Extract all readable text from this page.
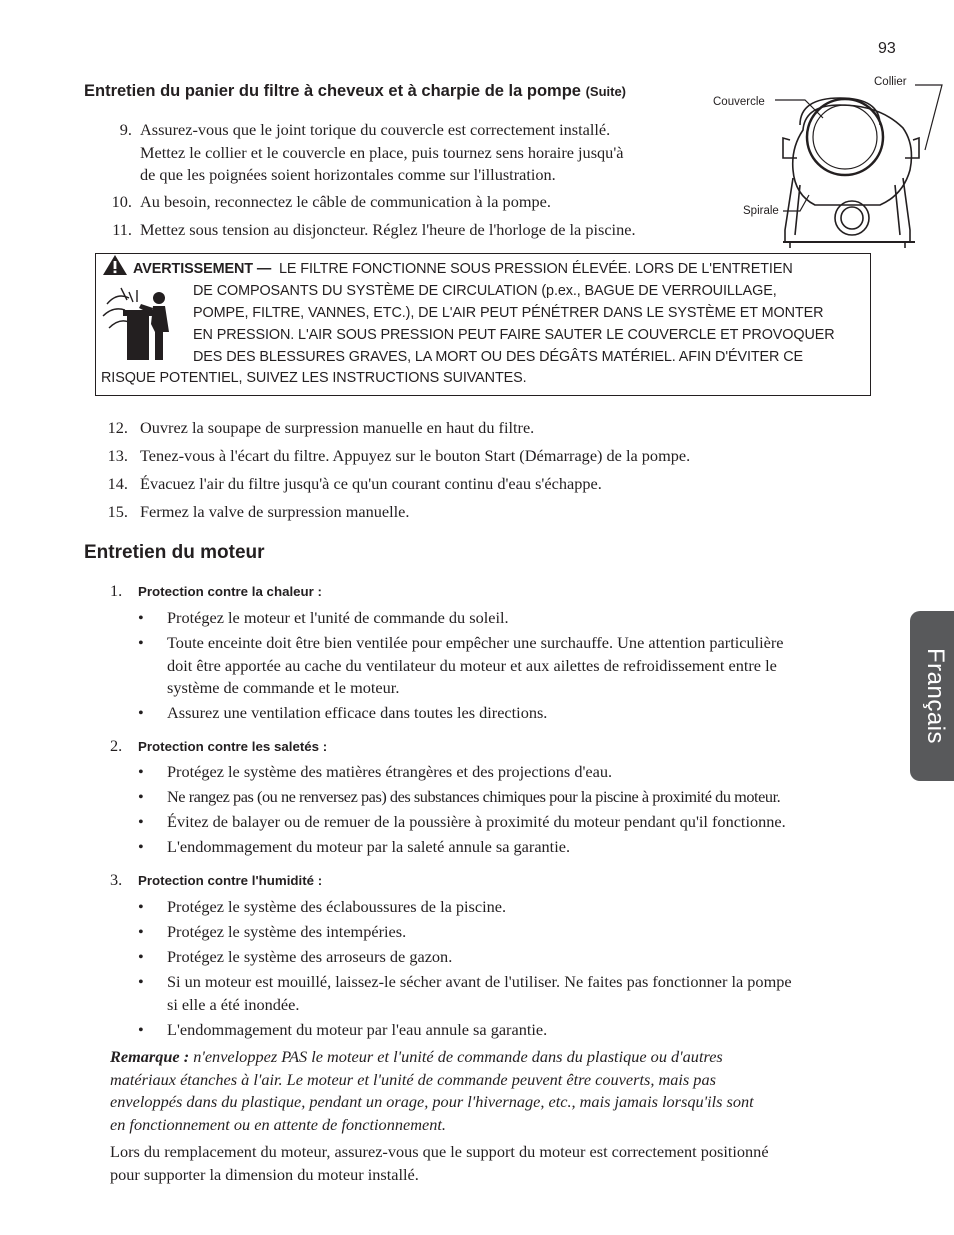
93
Entretien du panier du filtre à cheveux et à charpie de la pompe (Suite)
9. Assurez-vous que le joint torique du couvercle est correctement installé.
Mettez le collier et le couvercle en place, puis tournez sens horaire jusqu'à
de que les poignées soient horizontales comme sur l'illustration.
10. Au besoin, reconnectez le câble de communication à la pompe.
11. Mettez sous tension au disjoncteur. Réglez l'heure de l'horloge de la piscine.
Collier
Couvercle
Spirale
AVERTISSEMENT — LE FILTRE FONCTIONNE SOUS PRESSION ÉLEVÉE. LORS DE L'ENTRETIEN
DE COMPOSANTS DU SYSTÈME DE CIRCULATION (p.ex., BAGUE DE VERROUILLAGE,
POMPE, FILTRE, VANNES, ETC.), DE L'AIR PEUT PÉNÉTRER DANS LE SYSTÈME ET MONTER
EN PRESSION. L'AIR SOUS PRESSION PEUT FAIRE SAUTER LE COUVERCLE ET PROVOQUER
DES DES BLESSURES GRAVES, LA MORT OU DES DÉGÂTS MATÉRIEL. AFIN D'ÉVITER CE
RISQUE POTENTIEL, SUIVEZ LES INSTRUCTIONS SUIVANTES.
12. Ouvrez la soupape de surpression manuelle en haut du filtre.
13. Tenez-vous à l'écart du filtre. Appuyez sur le bouton Start (Démarrage) de la pompe.
14. Évacuez l'air du filtre jusqu'à ce qu'un courant continu d'eau s'échappe.
15. Fermez la valve de surpression manuelle.
Entretien du moteur
1. Protection contre la chaleur :
• Protégez le moteur et l'unité de commande du soleil.
• Toute enceinte doit être bien ventilée pour empêcher une surchauffe. Une attention particulière
doit être apportée au cache du ventilateur du moteur et aux ailettes de refroidissement entre le
système de commande et le moteur.
• Assurez une ventilation efficace dans toutes les directions.
2. Protection contre les saletés :
• Protégez le système des matières étrangères et des projections d'eau.
• Ne rangez pas (ou ne renversez pas) des substances chimiques pour la piscine à proximité du moteur.
• Évitez de balayer ou de remuer de la poussière à proximité du moteur pendant qu'il fonctionne.
• L'endommagement du moteur par la saleté annule sa garantie.
3. Protection contre l'humidité :
• Protégez le système des éclaboussures de la piscine.
• Protégez le système des intempéries.
• Protégez le système des arroseurs de gazon.
• Si un moteur est mouillé, laissez-le sécher avant de l'utiliser. Ne faites pas fonctionner la pompe
si elle a été inondée.
• L'endommagement du moteur par l'eau annule sa garantie.
Remarque : n'enveloppez PAS le moteur et l'unité de commande dans du plastique ou d'autres
matériaux étanches à l'air. Le moteur et l'unité de commande peuvent être couverts, mais pas
enveloppés dans du plastique, pendant un orage, pour l'hivernage, etc., mais jamais lorsqu'ils sont
en fonctionnement ou en attente de fonctionnement.
Lors du remplacement du moteur, assurez-vous que le support du moteur est correctement positionné
pour supporter la dimension du moteur installé.
Français
